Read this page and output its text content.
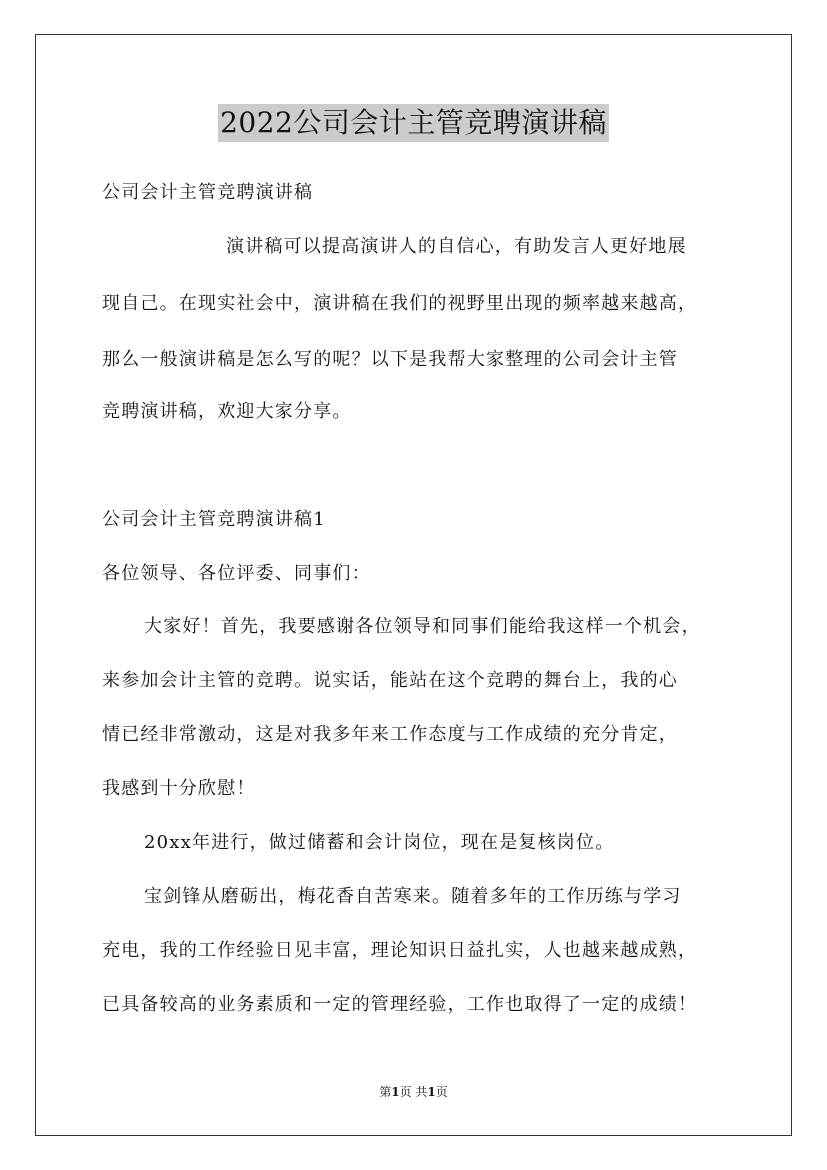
2022公司会计主管竞聘演讲稿
公司会计主管竞聘演讲稿
演讲稿可以提高演讲人的自信心，有助发言人更好地展
现自己。在现实社会中，演讲稿在我们的视野里出现的频率越来越高，
那么一般演讲稿是怎么写的呢？以下是我帮大家整理的公司会计主管
竞聘演讲稿，欢迎大家分享。
公司会计主管竞聘演讲稿1
各位领导、各位评委、同事们：
大家好！首先，我要感谢各位领导和同事们能给我这样一个机会，
来参加会计主管的竞聘。说实话，能站在这个竞聘的舞台上，我的心
情已经非常激动，这是对我多年来工作态度与工作成绩的充分肯定，
我感到十分欣慰！
20xx年进行，做过储蓄和会计岗位，现在是复核岗位。
宝剑锋从磨砺出，梅花香自苦寒来。随着多年的工作历练与学习
充电，我的工作经验日见丰富，理论知识日益扎实，人也越来越成熟，
已具备较高的业务素质和一定的管理经验，工作也取得了一定的成绩！
第1页 共1页
